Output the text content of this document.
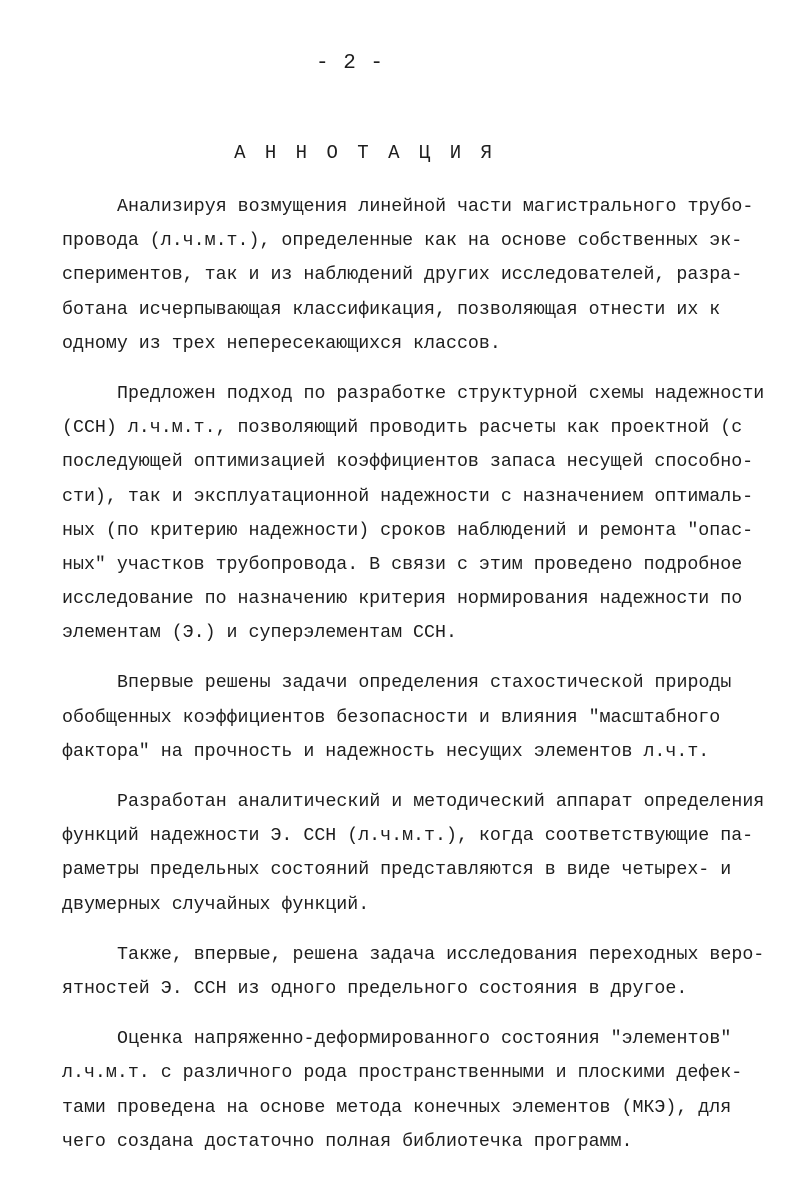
- 2 -
А Н Н О Т А Ц И Я
Анализируя возмущения линейной части магистрального трубо-
провода (л.ч.м.т.), определенные как на основе собственных эк-
спериментов, так и из наблюдений других исследователей, разра-
ботана исчерпывающая классификация, позволяющая отнести их к
одному из трех непересекающихся классов.
Предложен подход по разработке структурной схемы надежности
(ССН) л.ч.м.т., позволяющий проводить расчеты как проектной (с
последующей оптимизацией коэффициентов запаса несущей способно-
сти), так и эксплуатационной надежности с назначением оптималь-
ных (по критерию надежности) сроков наблюдений и ремонта "опас-
ных" участков трубопровода. В связи с этим проведено подробное
исследование по назначению критерия нормирования надежности по
элементам (Э.) и суперэлементам ССН.
Впервые решены задачи определения стахостической природы
обобщенных коэффициентов безопасности и влияния "масштабного
фактора" на прочность и надежность несущих элементов л.ч.т.
Разработан аналитический и методический аппарат определения
функций надежности Э. ССН (л.ч.м.т.), когда соответствующие па-
раметры предельных состояний представляются в виде четырех- и
двумерных случайных функций.
Также, впервые, решена задача исследования переходных веро-
ятностей Э. ССН из одного предельного состояния в другое.
Оценка напряженно-деформированного состояния "элементов"
л.ч.м.т. с различного рода пространственными и плоскими дефек-
тами проведена на основе метода конечных элементов (МКЭ), для
чего создана достаточно полная библиотечка программ.
